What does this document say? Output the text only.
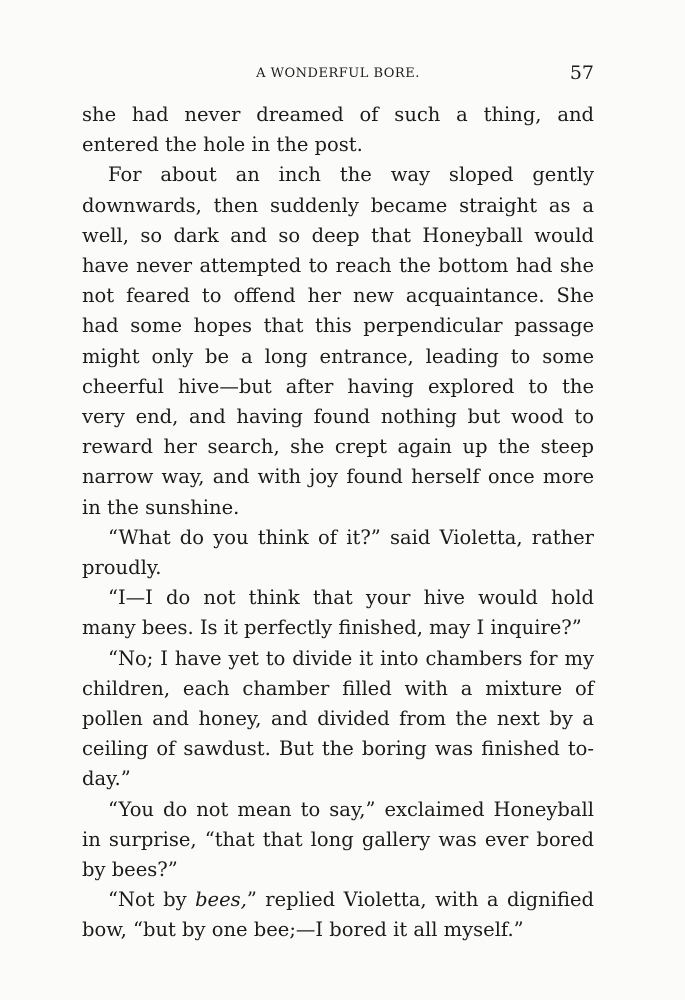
A WONDERFUL BORE.	57

she had never dreamed of such a thing, and entered the hole in the post.

For about an inch the way sloped gently downwards, then suddenly became straight as a well, so dark and so deep that Honeyball would have never attempted to reach the bottom had she not feared to offend her new acquaintance. She had some hopes that this perpendicular passage might only be a long entrance, leading to some cheerful hive—but after having explored to the very end, and having found nothing but wood to reward her search, she crept again up the steep narrow way, and with joy found herself once more in the sunshine.

“What do you think of it?” said Violetta, rather proudly.

“I—I do not think that your hive would hold many bees. Is it perfectly finished, may I inquire?”

“No; I have yet to divide it into chambers for my children, each chamber filled with a mixture of pollen and honey, and divided from the next by a ceiling of sawdust. But the boring was finished to-day.”

“You do not mean to say,” exclaimed Honeyball in surprise, “that that long gallery was ever bored by bees?”

“Not by bees,” replied Violetta, with a dignified bow, “but by one bee;—I bored it all myself.”
